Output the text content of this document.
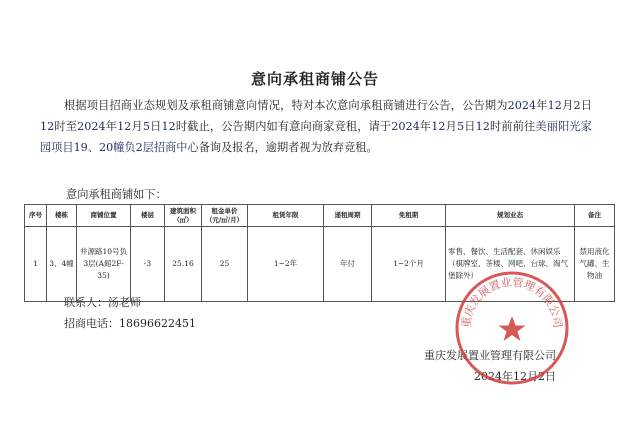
意向承租商铺公告
根据项目招商业态规划及承租商铺意向情况，特对本次意向承租商铺进行公告，公告期为2024年12月2日12时至2024年12月5日12时截止，公告期内如有意向商家竞租，请于2024年12月5日12时前前往美丽阳光家园项目19、20幢负2层招商中心备询及报名，逾期者视为放弃竞租。
意向承租商铺如下：
序号	楼栋	商铺位置	楼层	建筑面积（㎡）	租金单价（元/㎡/月）	租赁年限	递租周期	免租期	规划业态	备注
1	3、4幢	井源路10号负3层(A館2F-35)	-3	25.16	25	1~2年	年付	1~2个月	零售、餐饮、生活配套、休闲娱乐（棋牌室、茶楼、网吧、台球、淘气堡除外）	禁用液化气罐、生物油
联系人：汤老师
招商电话：18696622451
重庆发展置业管理有限公司
2024年12月2日
重庆发展置业管理有限公司
